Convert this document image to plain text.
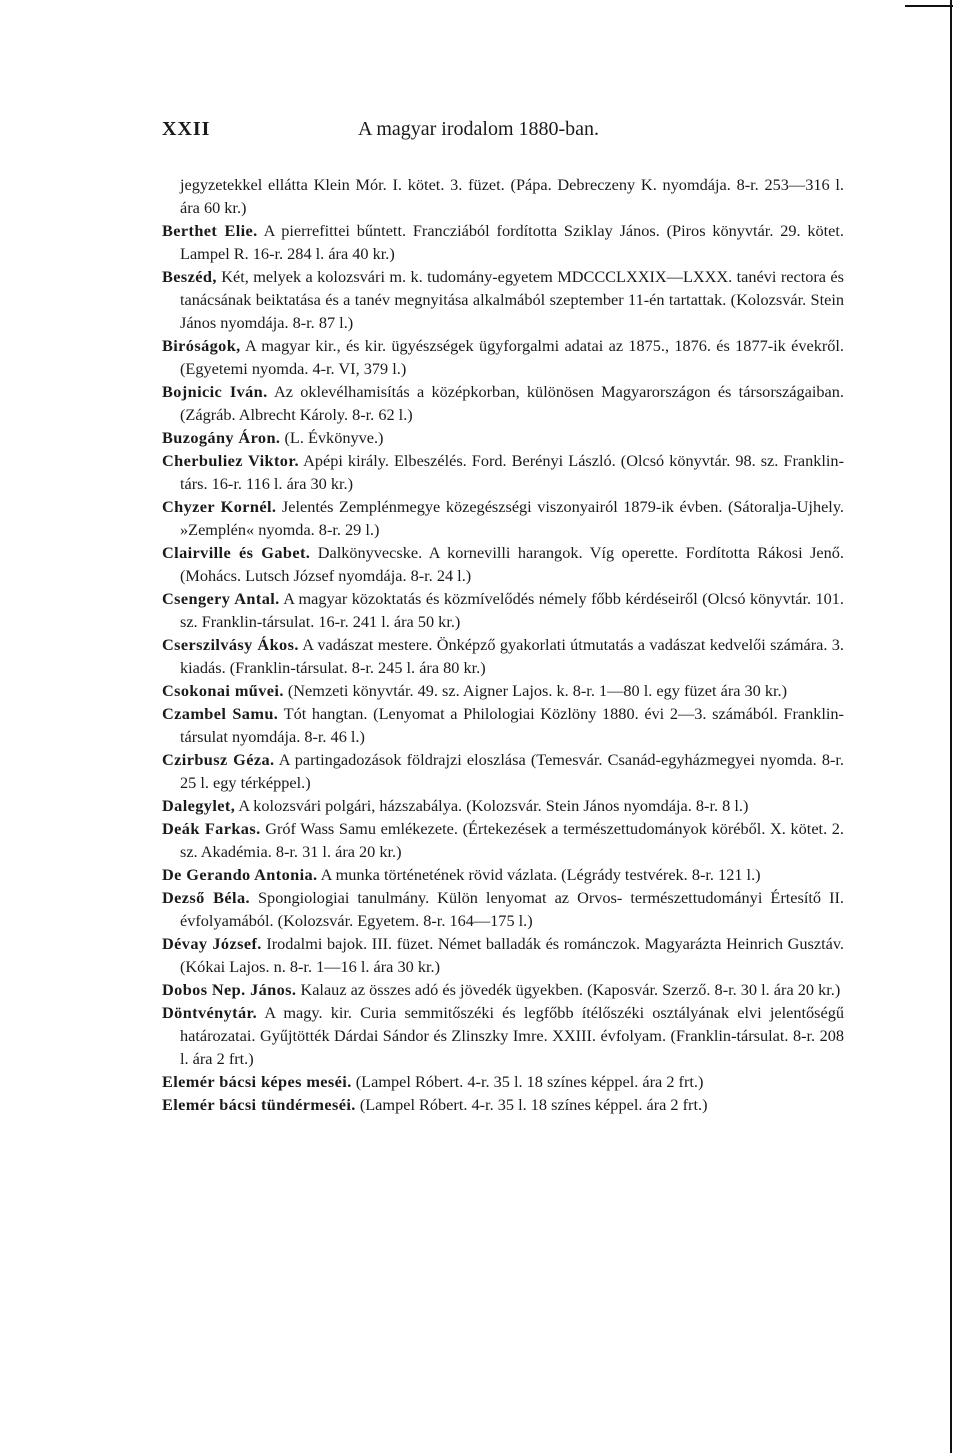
XXII	A magyar irodalom 1880-ban.

jegyzetekkel ellátta Klein Mór. I. kötet. 3. füzet. (Pápa. Debreczeny K. nyomdája. 8-r. 253—316 l. ára 60 kr.)

Berthet Elie. A pierrefittei bűntett. Francziából fordította Sziklay János. (Piros könyvtár. 29. kötet. Lampel R. 16-r. 284 l. ára 40 kr.)

Beszéd, Két, melyek a kolozsvári m. k. tudomány-egyetem MDCCCLXXIX—LXXX. tanévi rectora és tanácsának beiktatása és a tanév megnyitása alkalmából szeptember 11-én tartattak. (Kolozsvár. Stein János nyomdája. 8-r. 87 l.)

Biróságok, A magyar kir., és kir. ügyészségek ügyforgalmi adatai az 1875., 1876. és 1877-ik évekről. (Egyetemi nyomda. 4-r. VI, 379 l.)

Bojnicic Iván. Az oklevélhamisítás a középkorban, különösen Magyarországon és társországaiban. (Zágráb. Albrecht Károly. 8-r. 62 l.)

Buzogány Áron. (L. Évkönyve.)

Cherbuliez Viktor. Apépi király. Elbeszélés. Ford. Berényi László. (Olcsó könyvtár. 98. sz. Franklin-társ. 16-r. 116 l. ára 30 kr.)

Chyzer Kornél. Jelentés Zemplénmegye közegészségi viszonyairól 1879-ik évben. (Sátoralja-Ujhely. »Zemplén« nyomda. 8-r. 29 l.)

Clairville és Gabet. Dalkönyvecske. A kornevilli harangok. Víg operette. Fordította Rákosi Jenő. (Mohács. Lutsch József nyomdája. 8-r. 24 l.)

Csengery Antal. A magyar közoktatás és közmívelődés némely főbb kérdéseiről (Olcsó könyvtár. 101. sz. Franklin-társulat. 16-r. 241 l. ára 50 kr.)

Cserszilvásy Ákos. A vadászat mestere. Önképző gyakorlati útmutatás a vadászat kedvelői számára. 3. kiadás. (Franklin-társulat. 8-r. 245 l. ára 80 kr.)

Csokonai művei. (Nemzeti könyvtár. 49. sz. Aigner Lajos. k. 8-r. 1—80 l. egy füzet ára 30 kr.)

Czambel Samu. Tót hangtan. (Lenyomat a Philologiai Közlöny 1880. évi 2—3. számából. Franklin-társulat nyomdája. 8-r. 46 l.)

Czirbusz Géza. A partingadozások földrajzi eloszlása (Temesvár. Csanád-egyházmegyei nyomda. 8-r. 25 l. egy térképpel.)

Dalegylet, A kolozsvári polgári, házszabálya. (Kolozsvár. Stein János nyomdája. 8-r. 8 l.)

Deák Farkas. Gróf Wass Samu emlékezete. (Értekezések a természettudományok köréből. X. kötet. 2. sz. Akadémia. 8-r. 31 l. ára 20 kr.)

De Gerando Antonia. A munka történetének rövid vázlata. (Légrády testvérek. 8-r. 121 l.)

Dezső Béla. Spongiologiai tanulmány. Külön lenyomat az Orvos- természettudományi Értesítő II. évfolyamából. (Kolozsvár. Egyetem. 8-r. 164—175 l.)

Dévay József. Irodalmi bajok. III. füzet. Német balladák és románczok. Magyarázta Heinrich Gusztáv. (Kókai Lajos. n. 8-r. 1—16 l. ára 30 kr.)

Dobos Nep. János. Kalauz az összes adó és jövedék ügyekben. (Kaposvár. Szerző. 8-r. 30 l. ára 20 kr.)

Döntvénytár. A magy. kir. Curia semmitőszéki és legfőbb ítélőszéki osztályának elvi jelentőségű határozatai. Gyűjtötték Dárdai Sándor és Zlinszky Imre. XXIII. évfolyam. (Franklin-társulat. 8-r. 208 l. ára 2 frt.)

Elemér bácsi képes meséi. (Lampel Róbert. 4-r. 35 l. 18 színes képpel. ára 2 frt.)

Elemér bácsi tündérmeséi. (Lampel Róbert. 4-r. 35 l. 18 színes képpel. ára 2 frt.)
